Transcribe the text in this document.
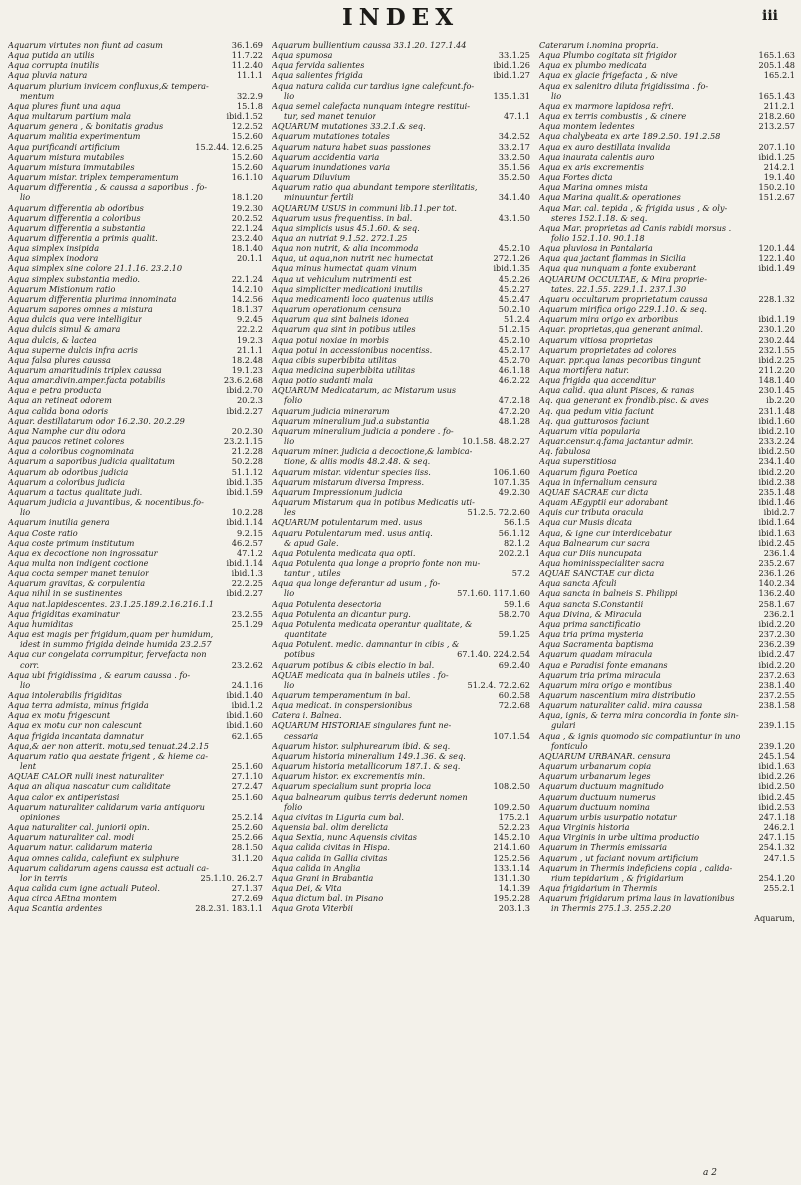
INDEX	iii
Aquarum virtutes non fiunt ad casum	36.1.69
Aqua putida an utilis	11.7.22
Aqua corrupta inutilis	11.2.40
Aqua pluvia natura	11.1.1
Aquarum plurium invicem confluxus,& tempera-
mentum	32.2.9
Aqua plures fiunt una aqua	15.1.8
Aqua multarum partium mala	ibid.1.52
Aquarum genera , & bonitatis gradus	12.2.52
Aquarum malitia experimentum	15.2.60
Aqua purificandi artificium	15.2.44. 12.6.25
Aquarum mistura mutabiles	15.2.60
Aquarum mistura immutabiles	15.2.60
Aquarum mistar. triplex temperamentum	16.1.10
Aquarum differentia , & caussa a saporibus . fo-
lio	18.1.20
Aquarum differentia ab odoribus	19.2.30
Aquarum differentia a coloribus	20.2.52
Aquarum differentia a substantia	22.1.24
Aquarum differentia a primis qualit.	23.2.40
Aqua simplex insipida	18.1.40
Aqua simplex inodora	20.1.1
Aqua simplex sine colore 21.1.16. 23.2.10
Aqua simplex substantia medio.	22.1.24
Aquarum Mistionum ratio	14.2.10
Aquarum differentia plurima innominata	14.2.56
Aquarum sapores omnes a mistura	18.1.37
Aqua dulcis qua vere intelligitur	9.2.45
Aqua dulcis simul & amara	22.2.2
Aqua dulcis, & lactea	19.2.3
Aqua superne dulcis infra acris	21.1.1
Aqua falsa plures caussa	18.2.48
Aquarum amaritudinis triplex caussa	19.1.23
Aqua amar.divin.amper.facta potabilis	23.6.2.68
Aqua e petra producta	ibid.2.70
Aqua an retineat odorem	20.2.3
Aqua calida bona odoris	ibid.2.27
Aquar. destillatarum odor 16.2.30. 20.2.29
Aqua Namphe cur diu odora	20.2.30
Aqua paucos retinet colores	23.2.1.15
Aqua a coloribus cognominata	21.2.28
Aquarum a saporibus judicia qualitatum	50.2.28
Aquarum ab odoribus judicia	51.1.12
Aquarum a coloribus judicia	ibid.1.35
Aquarum a tactus qualitate judi.	ibid.1.59
Aquarum judicia a juvantibus, & nocentibus.fo-
lio	10.2.28
Aquarum inutilia genera	ibid.1.14
Aqua Coste ratio	9.2.15
Aqua coste primum institutum	46.2.57
Aqua ex decoctione non ingrossatur	47.1.2
Aqua multa non indigent coctione	ibid.1.14
Aqua cocta semper manet tenuior	ibid.1.3
Aquarum gravitas, & corpulentia	22.2.25
Aqua nihil in se sustinentes	ibid.2.27
Aqua nat.lapidescentes. 23.1.25.189.2.16.216.1.1
Aqua frigiditas examinatur	23.2.55
Aqua humiditas	25.1.29
Aqua est magis per frigidum,quam per humidum,
idest in summo frigida deinde humida 23.2.57
Aqua cur congelata corrumpitur, fervefacta non
corr.	23.2.62
Aqua ubi frigidissima , & earum caussa . fo-
lio	24.1.16
Aqua intolerabilis frigiditas	ibid.1.40
Aqua terra admista, minus frigida	ibid.1.2
Aqua ex motu frigescunt	ibid.1.60
Aqua ex motu cur non calescunt	ibid.1.60
Aqua frigida incantata damnatur	62.1.65
Aqua,& aer non atterit. motu,sed tenuat.24.2.15
Aquarum ratio qua aestate frigent , & hieme ca-
lent	25.1.60
AQUAE CALOR nulli inest naturaliter	27.1.10
Aqua an aliqua nascatur cum caliditate	27.2.47
Aqua calor ex antiperistasi	25.1.60
Aquarum naturaliter calidarum varia antiquoru
opiniones	25.2.14
Aqua naturaliter cal. juniorii opin.	25.2.60
Aquarum naturaliter cal. modi	25.2.66
Aquarum natur. calidarum materia	28.1.50
Aqua omnes calida, calefiunt ex sulphure	31.1.20
Aquarum calidarum agens caussa est actuali ca-
lor in terris	25.1.10. 26.2.7
Aqua calida cum igne actuali Puteol.	27.1.37
Aqua circa AEtna montem	27.2.69
Aqua Scantia ardentes	28.2.31. 183.1.1
Aquarum bullientium caussa 33.1.20. 127.1.44
Aqua spumosa	33.1.25
Aqua fervida salientes	ibid.1.26
Aqua salientes frigida	ibid.1.27
Aqua natura calida cur tardius igne calefcunt.fo-
lio	135.1.31
Aqua semel calefacta nunquam integre restitui-
tur, sed manet tenuior	47.1.1
AQUARUM mutationes 33.2.1.& seq.
Aquarum mutationes totales	34.2.52
Aquarum natura habet suas passiones	33.2.17
Aquarum accidentia varia	33.2.50
Aquarum inundationes varia	35.1.56
Aquarum Diluvium	35.2.50
Aquarum ratio qua abundant tempore sterilitatis,
minuuntur fertili	34.1.40
AQUARUM USUS in communi lib.11.per tot.
Aquarum usus frequentiss. in bal.	43.1.50
Aqua simplicis usus 45.1.60. & seq.
Aqua an nutriat 9.1.52. 272.1.25
Aqua non nutrit, & alia incommoda	45.2.10
Aqua, ut aqua,non nutrit nec humectat	272.1.26
Aqua minus humectat quam vinum	ibid.1.35
Aqua ut vehiculum nutrimenti est	45.2.26
Aqua simpliciter medicationi inutilis	45.2.27
Aqua medicamenti loco quatenus utilis	45.2.47
Aquarum operationum censura	50.2.10
Aquarum qua sint balneis idonea	51.2.4
Aquarum qua sint in potibus utiles	51.2.15
Aqua potui noxiae in morbis	45.2.10
Aqua potui in accessionibus nocentiss.	45.2.17
Aqua cibis superbibita utilitas	45.2.70
Aqua medicina superbibita utilitas	46.1.18
Aqua potio sudanti mala	46.2.22
AQUARUM Medicatarum, ac Mistarum usus
folio	47.2.18
Aquarum judicia minerarum	47.2.20
Aquarum mineralium jud.a substantia	48.1.28
Aquarum mineralium judicia a pondere . fo-
lio	10.1.58. 48.2.27
Aquarum miner. judicia a decoctione,& lambica-
tione, & aliis modis 48.2.48. & seq.
Aquarum mistar. videntur species iiss.	106.1.60
Aquarum mistarum diversa Impress.	107.1.35
Aquarum Impressionum judicia	49.2.30
Aquarum Mistarum qua in potibus Medicatis uti-
les	51.2.5. 72.2.60
AQUARUM potulentarum med. usus	56.1.5
Aquaru Potulentarum med. usus antiq.	56.1.12
& apud Gale.	82.1.2
Aqua Potulenta medicata qua opti.	202.2.1
Aqua Potulenta qua longe a proprio fonte non mu-
tantur , utiles	57.2
Aqua qua longe deferantur ad usum , fo-
lio	57.1.60. 117.1.60
Aqua Potulenta desectoria	59.1.6
Aqua Potulenta an dicantur purg.	58.2.70
Aqua Potulenta medicata operantur qualitate, &
quantitate	59.1.25
Aqua Potulent. medic. damnantur in cibis , &
potibus	67.1.40. 224.2.54
Aquarum potibus & cibis electio in bal.	69.2.40
AQUAE medicata qua in balneis utiles . fo-
lio	51.2.4. 72.2.62
Aquarum temperamentum in bal.	60.2.58
Aqua medicat. in conspersionibus	72.2.68
Catera i. Balnea.
AQUARUM HISTORIAE singulares funt ne-
cessaria	107.1.54
Aquarum histor. sulphurearum ibid. & seq.
Aquarum historia mineralium 149.1.36. & seq.
Aquarum historia metallicorum 187.1. & seq.
Aquarum histor. ex excrementis min.
Aquarum specialium sunt propria loca	108.2.50
Aqua balnearum quibus terris dederunt nomen
folio	109.2.50
Aqua civitas in Liguria cum bal.	175.2.1
Aquensia bal. olim derelicta	52.2.23
Aqua Sextia, nunc Aquensis civitas	145.2.10
Aqua calida civitas in Hispa.	214.1.60
Aqua calida in Gallia civitas	125.2.56
Aqua calida in Anglia	133.1.14
Aqua Grani in Brabantia	131.1.30
Aqua Dei, & Vita	14.1.39
Aqua dictum bal. in Pisano	195.2.28
Aqua Grota Viterbii	203.1.3
Caterarum i.nomina propria.
Aqua Plumbo cogitata sit frigidor	165.1.63
Aqua ex plumbo medicata	205.1.48
Aqua ex glacie frigefacta , & nive	165.2.1
Aqua ex salenitro diluta frigidissima . fo-
lio	165.1.43
Aqua ex marmore lapidosa refri.	211.2.1
Aqua ex terris combustis , & cinere	218.2.60
Aqua montem ledentes	213.2.57
Aqua chalybeata ex arte 189.2.50. 191.2.58
Aqua ex auro destillata invalida	207.1.10
Aqua inaurata calentis auro	ibid.1.25
Aqua ex aris excrementis	214.2.1
Aqua Fortes dicta	19.1.40
Aqua Marina omnes mista	150.2.10
Aqua Marina qualit.& operationes	151.2.67
Aqua Mar. cal. tepida , & frigida usus , & oly-
steres 152.1.18. & seq.
Aqua Mar. proprietas ad Canis rabidi morsus .
folio 152.1.10. 90.1.18
Aqua pluviosa in Pantalaria	120.1.44
Aqua qua jactant flammas in Sicilia	122.1.40
Aqua qua nunquam a fonte exuberant	ibid.1.49
AQUARUM OCCULTAE, & Mira proprie-
tates. 22.1.55. 229.1.1. 237.1.30
Aquaru occultarum proprietatum caussa	228.1.32
Aquarum mirifica origo 229.1.10. & seq.
Aquarum mira origo ex arboribus	ibid.1.19
Aquar. proprietas,qua generant animal.	230.1.20
Aquarum vitiosa proprietas	230.2.44
Aquarum proprietates ad colores	232.1.55
Aquar. ppr.qua lanas pecoribus tingunt	ibid.2.25
Aqua mortifera natur.	211.2.20
Aqua frigida qua accenditur	148.1.40
Aqua calid. qua alunt Pisces, & ranas	230.1.45
Aq. qua generant ex frondib.pisc. & aves	ib.2.20
Aq. qua pedum vitia faciunt	231.1.48
Aq. qua gutturosos faciunt	ibid.1.60
Aquarum vitia popularia	ibid.2.10
Aquar.censur.q.fama jactantur admir.	233.2.24
Aq. fabulosa	ibid.2.50
Aqua superstitiosa	234.1.40
Aquarum figura Poetica	ibid.2.20
Aqua in infernalium censura	ibid.2.38
AQUAE SACRAE cur dicta	235.1.48
Aquam AEgyptii eur adorabant	ibid.1.46
Aquis cur tributa oracula	ibid.2.7
Aqua cur Musis dicata	ibid.1.64
Aqua, & igne cur interdicebatur	ibid.1.63
Aqua Balnearum cur sacra	ibid.2.45
Aqua cur Diis nuncupata	236.1.4
Aqua hominisspecialiter sacra	235.2.67
AQUAE SANCTAE cur dicta	236.1.26
Aqua sancta Afculi	140.2.34
Aqua sancta in balneis S. Philippi	136.2.40
Aqua sancta S.Constantii	258.1.67
Aqua Divina, & Miracula	236.2.1
Aqua prima sanctificatio	ibid.2.20
Aqua tria prima mysteria	237.2.30
Aqua Sacramenta baptisma	236.2.39
Aquarum quadam miracula	ibid.2.47
Aqua e Paradisi fonte emanans	ibid.2.20
Aquarum tria prima miracula	237.2.63
Aquarum mira origo e montibus	238.1.40
Aquarum nascentium mira distributio	237.2.55
Aquarum naturaliter calid. mira caussa	238.1.58
Aqua, ignis, & terra mira concordia in fonte sin-
gulari	239.1.15
Aqua , & ignis quomodo sic compatiuntur in uno
fonticulo	239.1.20
AQUARUM URBANAR. censura	245.1.54
Aquarum urbanarum copia	ibid.1.63
Aquarum urbanarum leges	ibid.2.26
Aquarum ductuum magnitudo	ibid.2.50
Aquarum ductuum numerus	ibid.2.45
Aquarum ductuum nomina	ibid.2.53
Aquarum urbis usurpatio notatur	247.1.18
Aqua Virginis historia	246.2.1
Aqua Virginis in urbe ultima productio	247.1.15
Aquarum in Thermis emissaria	254.1.32
Aquarum , ut faciant novum artificium	247.1.5
Aquarum in Thermis indeficiens copia , calida-
rium tepidarium , & frigidarium	254.1.20
Aqua frigidarium in Thermis	255.2.1
Aquarum frigidarum prima laus in lavationibus
in Thermis 275.1.3. 255.2.20
Aquarum,
a 2
